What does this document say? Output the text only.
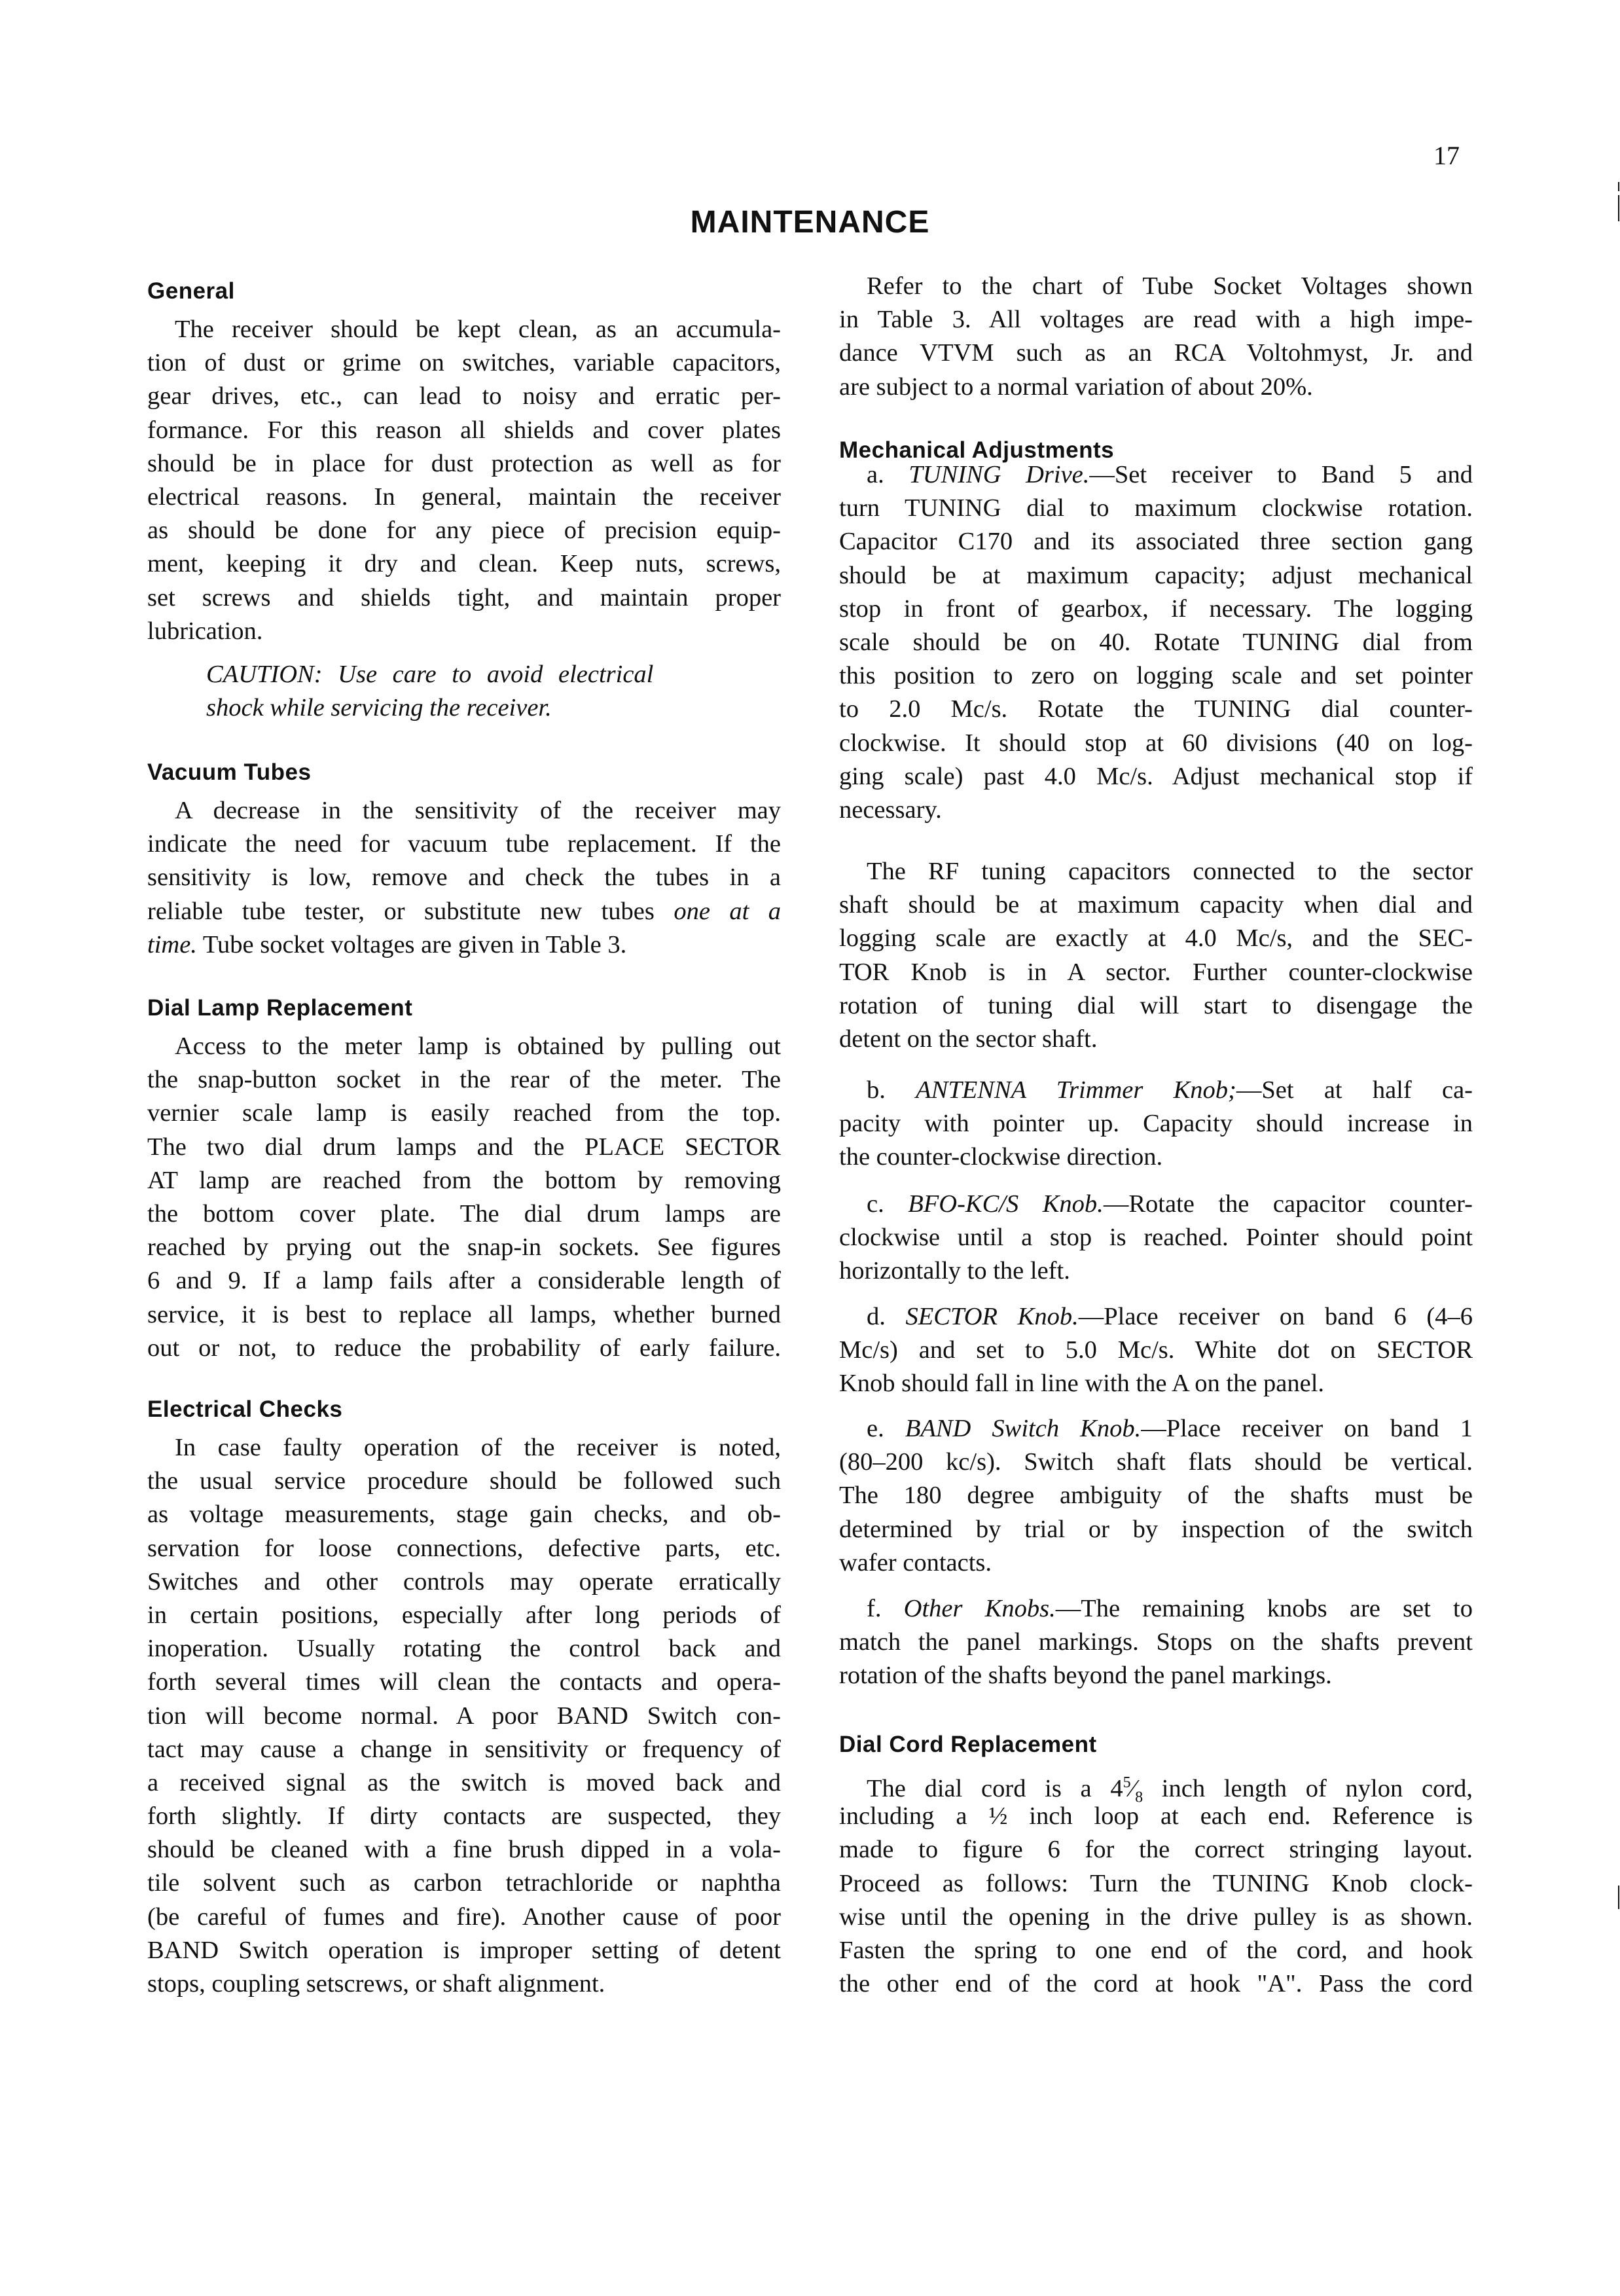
17
MAINTENANCE
General
The receiver should be kept clean, as an accumula-
tion of dust or grime on switches, variable capacitors,
gear drives, etc., can lead to noisy and erratic per-
formance. For this reason all shields and cover plates
should be in place for dust protection as well as for
electrical reasons. In general, maintain the receiver
as should be done for any piece of precision equip-
ment, keeping it dry and clean. Keep nuts, screws,
set screws and shields tight, and maintain proper
lubrication.
CAUTION: Use care to avoid electrical
shock while servicing the receiver.
Vacuum Tubes
A decrease in the sensitivity of the receiver may
indicate the need for vacuum tube replacement. If the
sensitivity is low, remove and check the tubes in a
reliable tube tester, or substitute new tubes one at a
time. Tube socket voltages are given in Table 3.
Dial Lamp Replacement
Access to the meter lamp is obtained by pulling out
the snap-button socket in the rear of the meter. The
vernier scale lamp is easily reached from the top.
The two dial drum lamps and the PLACE SECTOR
AT lamp are reached from the bottom by removing
the bottom cover plate. The dial drum lamps are
reached by prying out the snap-in sockets. See figures
6 and 9. If a lamp fails after a considerable length of
service, it is best to replace all lamps, whether burned
out or not, to reduce the probability of early failure.
Electrical Checks
In case faulty operation of the receiver is noted,
the usual service procedure should be followed such
as voltage measurements, stage gain checks, and ob-
servation for loose connections, defective parts, etc.
Switches and other controls may operate erratically
in certain positions, especially after long periods of
inoperation. Usually rotating the control back and
forth several times will clean the contacts and opera-
tion will become normal. A poor BAND Switch con-
tact may cause a change in sensitivity or frequency of
a received signal as the switch is moved back and
forth slightly. If dirty contacts are suspected, they
should be cleaned with a fine brush dipped in a vola-
tile solvent such as carbon tetrachloride or naphtha
(be careful of fumes and fire). Another cause of poor
BAND Switch operation is improper setting of detent
stops, coupling setscrews, or shaft alignment.
Refer to the chart of Tube Socket Voltages shown
in Table 3. All voltages are read with a high impe-
dance VTVM such as an RCA Voltohmyst, Jr. and
are subject to a normal variation of about 20%.
Mechanical Adjustments
a. TUNING Drive.—Set receiver to Band 5 and
turn TUNING dial to maximum clockwise rotation.
Capacitor C170 and its associated three section gang
should be at maximum capacity; adjust mechanical
stop in front of gearbox, if necessary. The logging
scale should be on 40. Rotate TUNING dial from
this position to zero on logging scale and set pointer
to 2.0 Mc/s. Rotate the TUNING dial counter-
clockwise. It should stop at 60 divisions (40 on log-
ging scale) past 4.0 Mc/s. Adjust mechanical stop if
necessary.
The RF tuning capacitors connected to the sector
shaft should be at maximum capacity when dial and
logging scale are exactly at 4.0 Mc/s, and the SEC-
TOR Knob is in A sector. Further counter-clockwise
rotation of tuning dial will start to disengage the
detent on the sector shaft.
b. ANTENNA Trimmer Knob;—Set at half ca-
pacity with pointer up. Capacity should increase in
the counter-clockwise direction.
c. BFO-KC/S Knob.—Rotate the capacitor counter-
clockwise until a stop is reached. Pointer should point
horizontally to the left.
d. SECTOR Knob.—Place receiver on band 6 (4–6
Mc/s) and set to 5.0 Mc/s. White dot on SECTOR
Knob should fall in line with the A on the panel.
e. BAND Switch Knob.—Place receiver on band 1
(80–200 kc/s). Switch shaft flats should be vertical.
The 180 degree ambiguity of the shafts must be
determined by trial or by inspection of the switch
wafer contacts.
f. Other Knobs.—The remaining knobs are set to
match the panel markings. Stops on the shafts prevent
rotation of the shafts beyond the panel markings.
Dial Cord Replacement
The dial cord is a $4^5⁄_8$ inch length of nylon cord,
including a ½ inch loop at each end. Reference is
made to figure 6 for the correct stringing layout.
Proceed as follows: Turn the TUNING Knob clock-
wise until the opening in the drive pulley is as shown.
Fasten the spring to one end of the cord, and hook
the other end of the cord at hook "A". Pass the cord
